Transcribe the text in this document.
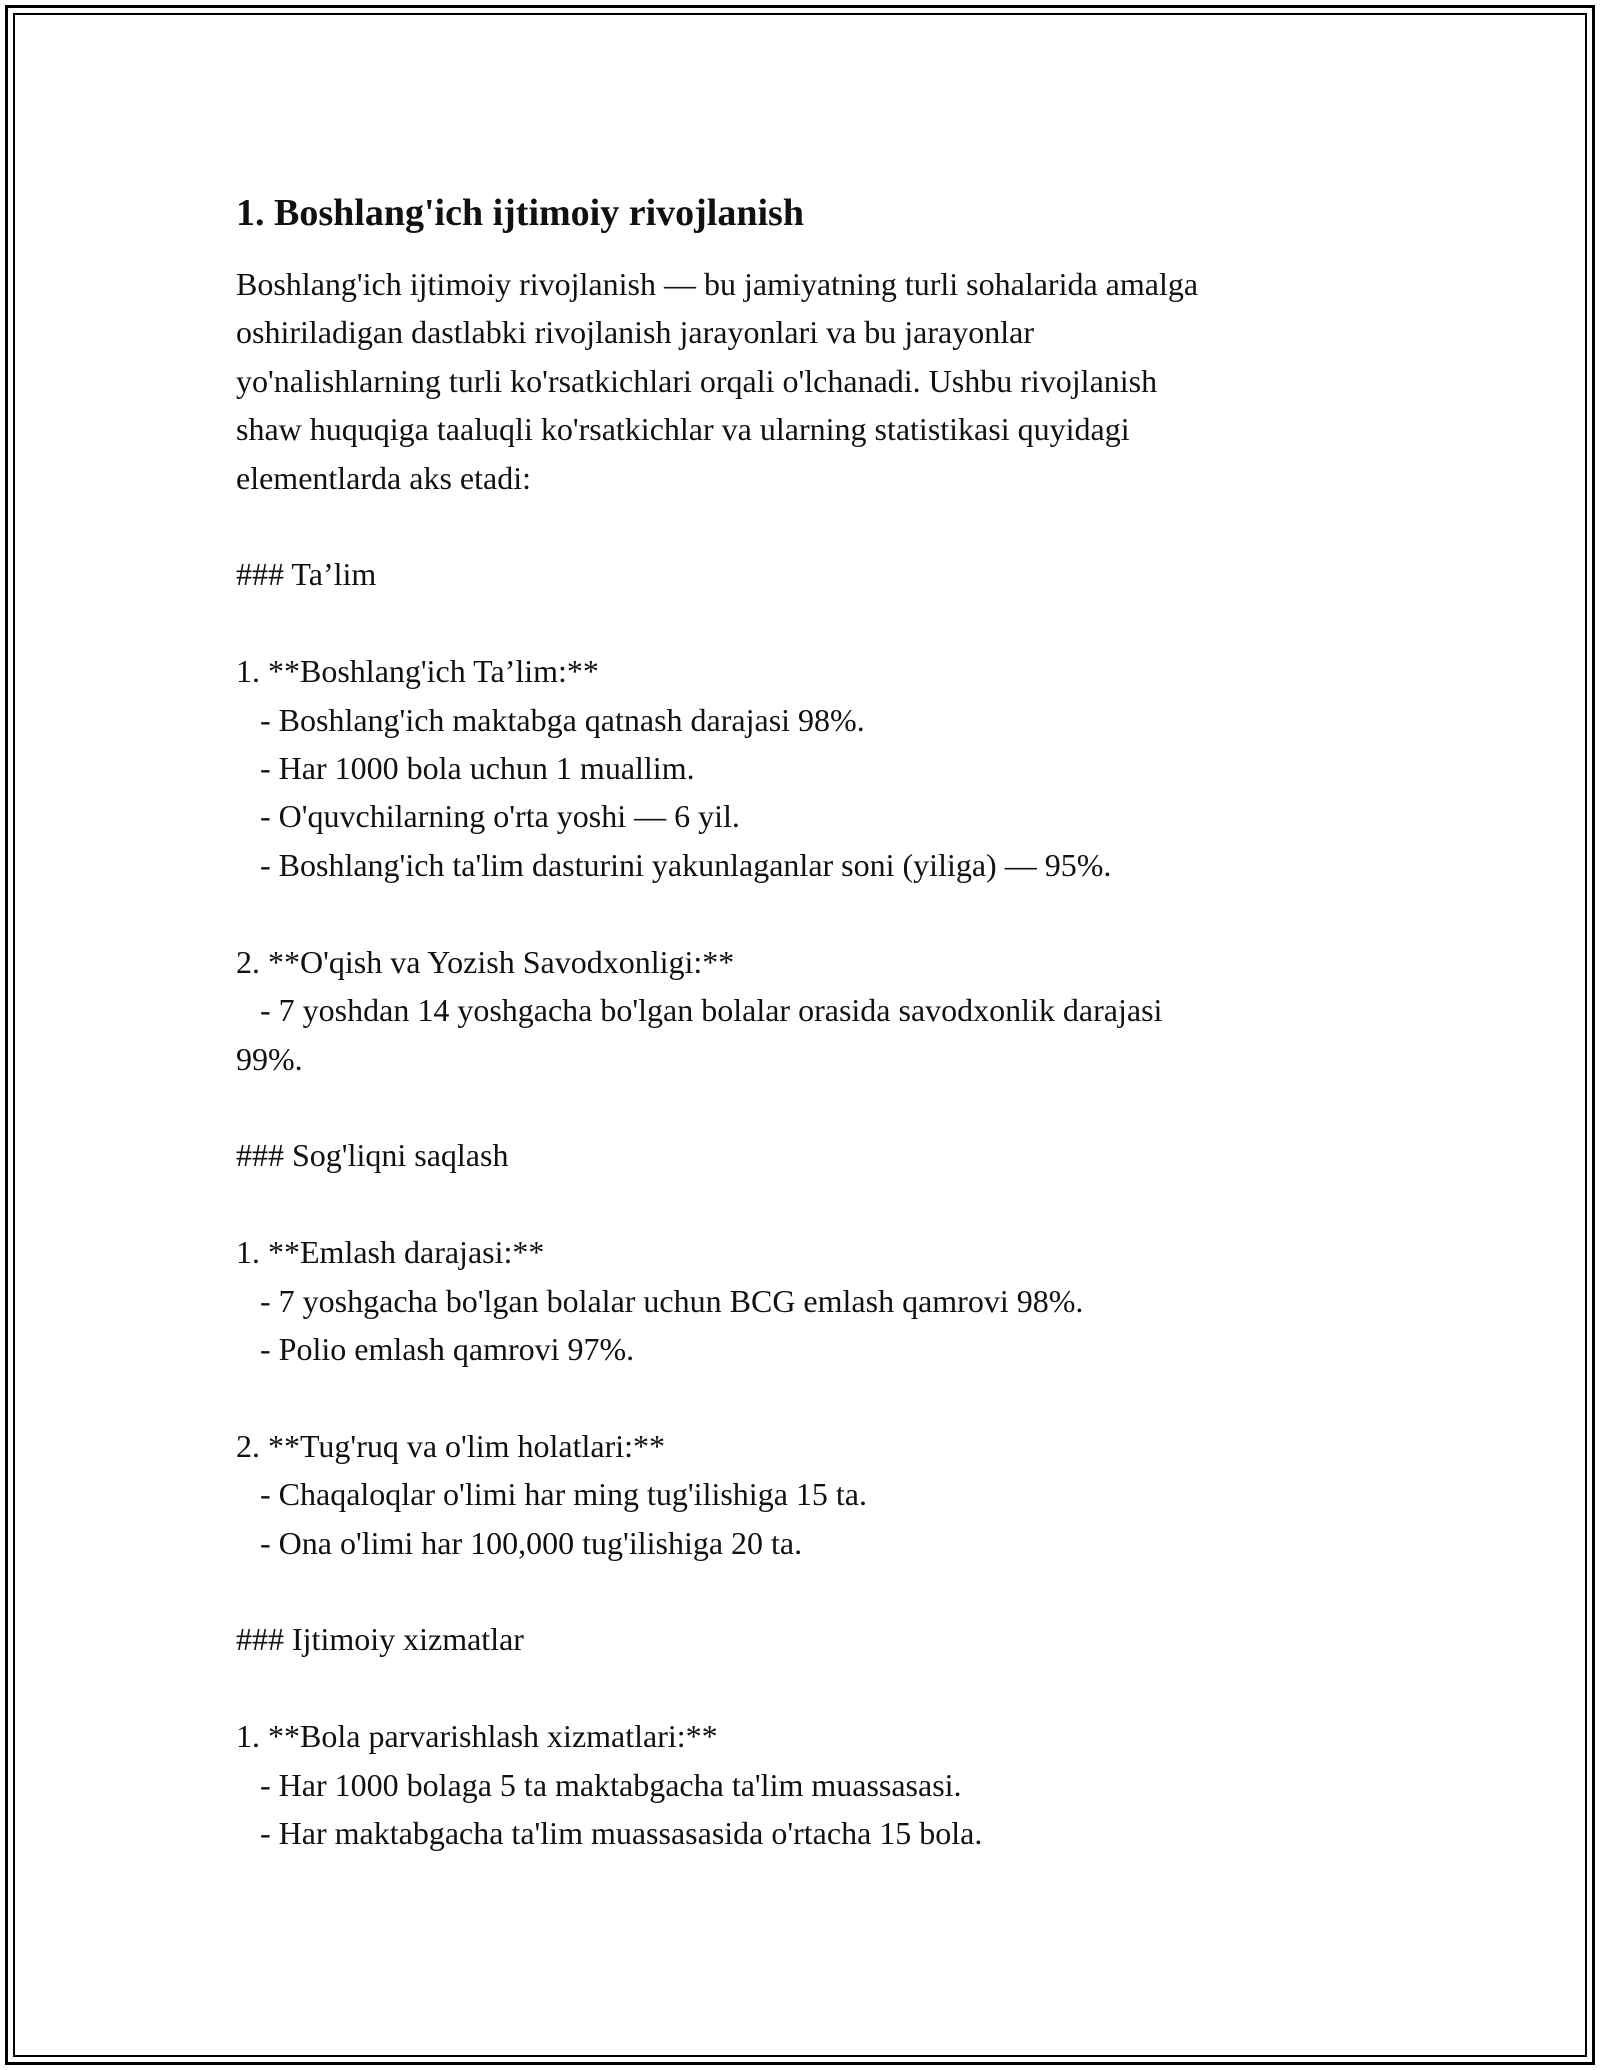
1. Boshlang'ich ijtimoiy rivojlanish

Boshlang'ich ijtimoiy rivojlanish — bu jamiyatning turli sohalarida amalga
oshiriladigan dastlabki rivojlanish jarayonlari va bu jarayonlar
yo'nalishlarning turli ko'rsatkichlari orqali o'lchanadi. Ushbu rivojlanish
shaw huquqiga taaluqli ko'rsatkichlar va ularning statistikasi quyidagi
elementlarda aks etadi:

### Ta’lim

1. **Boshlang'ich Ta’lim:**
- Boshlang'ich maktabga qatnash darajasi 98%.
- Har 1000 bola uchun 1 muallim.
- O'quvchilarning o'rta yoshi — 6 yil.
- Boshlang'ich ta'lim dasturini yakunlaganlar soni (yiliga) — 95%.

2. **O'qish va Yozish Savodxonligi:**
- 7 yoshdan 14 yoshgacha bo'lgan bolalar orasida savodxonlik darajasi
99%.

### Sog'liqni saqlash

1. **Emlash darajasi:**
- 7 yoshgacha bo'lgan bolalar uchun BCG emlash qamrovi 98%.
- Polio emlash qamrovi 97%.

2. **Tug'ruq va o'lim holatlari:**
- Chaqaloqlar o'limi har ming tug'ilishiga 15 ta.
- Ona o'limi har 100,000 tug'ilishiga 20 ta.

### Ijtimoiy xizmatlar

1. **Bola parvarishlash xizmatlari:**
- Har 1000 bolaga 5 ta maktabgacha ta'lim muassasasi.
- Har maktabgacha ta'lim muassasasida o'rtacha 15 bola.
